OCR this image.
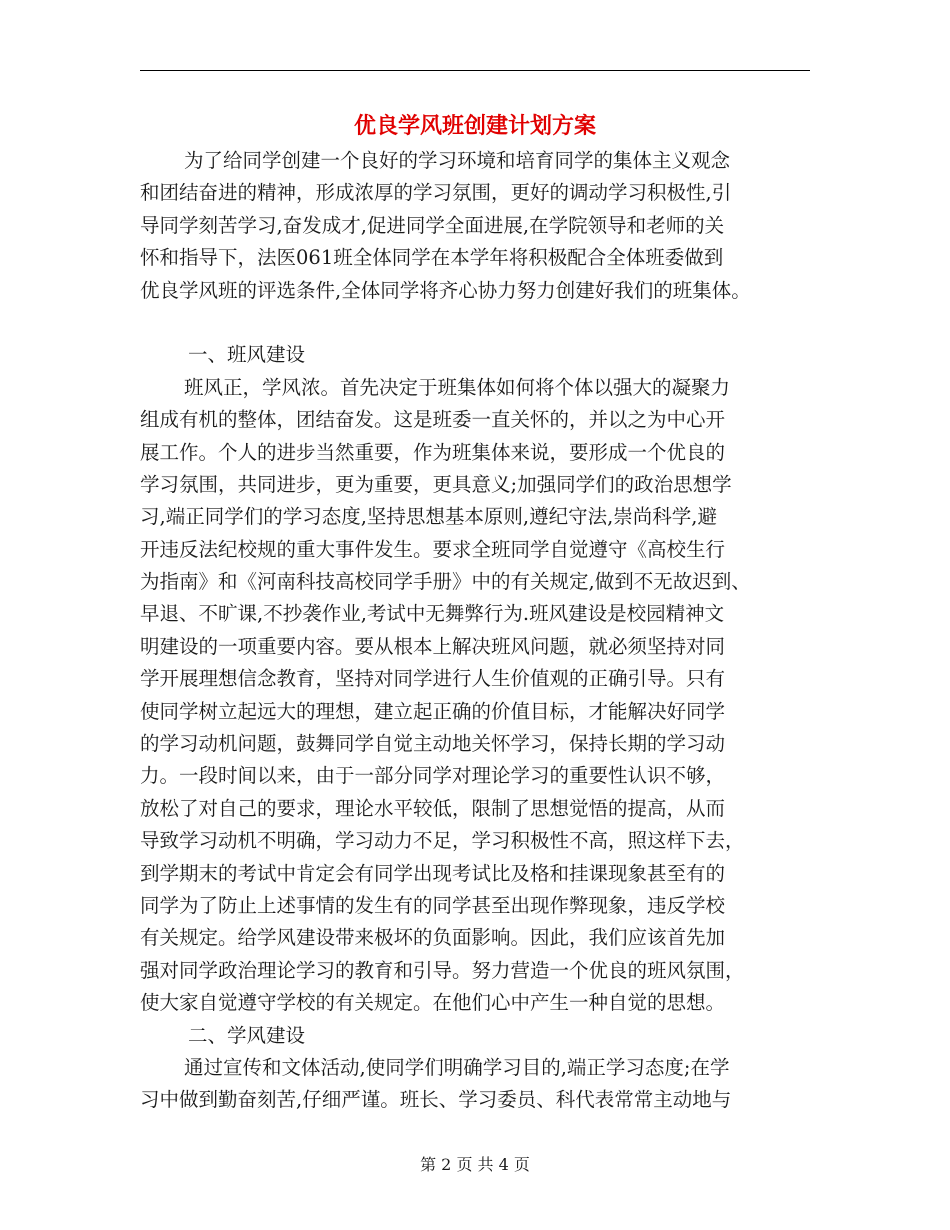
优良学风班创建计划方案
为了给同学创建一个良好的学习环境和培育同学的集体主义观念
和团结奋进的精神，形成浓厚的学习氛围，更好的调动学习积极性,引
导同学刻苦学习,奋发成才,促进同学全面进展,在学院领导和老师的关
怀和指导下，法医061班全体同学在本学年将积极配合全体班委做到
优良学风班的评选条件,全体同学将齐心协力努力创建好我们的班集体。
一、班风建设
班风正，学风浓。首先决定于班集体如何将个体以强大的凝聚力
组成有机的整体，团结奋发。这是班委一直关怀的，并以之为中心开
展工作。个人的进步当然重要，作为班集体来说，要形成一个优良的
学习氛围，共同进步，更为重要，更具意义;加强同学们的政治思想学
习,端正同学们的学习态度,坚持思想基本原则,遵纪守法,崇尚科学,避
开违反法纪校规的重大事件发生。要求全班同学自觉遵守《高校生行
为指南》和《河南科技高校同学手册》中的有关规定,做到不无故迟到、
早退、不旷课,不抄袭作业,考试中无舞弊行为.班风建设是校园精神文
明建设的一项重要内容。要从根本上解决班风问题，就必须坚持对同
学开展理想信念教育，坚持对同学进行人生价值观的正确引导。只有
使同学树立起远大的理想，建立起正确的价值目标，才能解决好同学
的学习动机问题，鼓舞同学自觉主动地关怀学习，保持长期的学习动
力。一段时间以来，由于一部分同学对理论学习的重要性认识不够，
放松了对自己的要求，理论水平较低，限制了思想觉悟的提高，从而
导致学习动机不明确，学习动力不足，学习积极性不高，照这样下去，
到学期末的考试中肯定会有同学出现考试比及格和挂课现象甚至有的
同学为了防止上述事情的发生有的同学甚至出现作弊现象，违反学校
有关规定。给学风建设带来极坏的负面影响。因此，我们应该首先加
强对同学政治理论学习的教育和引导。努力营造一个优良的班风氛围，
使大家自觉遵守学校的有关规定。在他们心中产生一种自觉的思想。
二、学风建设
通过宣传和文体活动,使同学们明确学习目的,端正学习态度;在学
习中做到勤奋刻苦,仔细严谨。班长、学习委员、科代表常常主动地与
第 2 页 共 4 页
